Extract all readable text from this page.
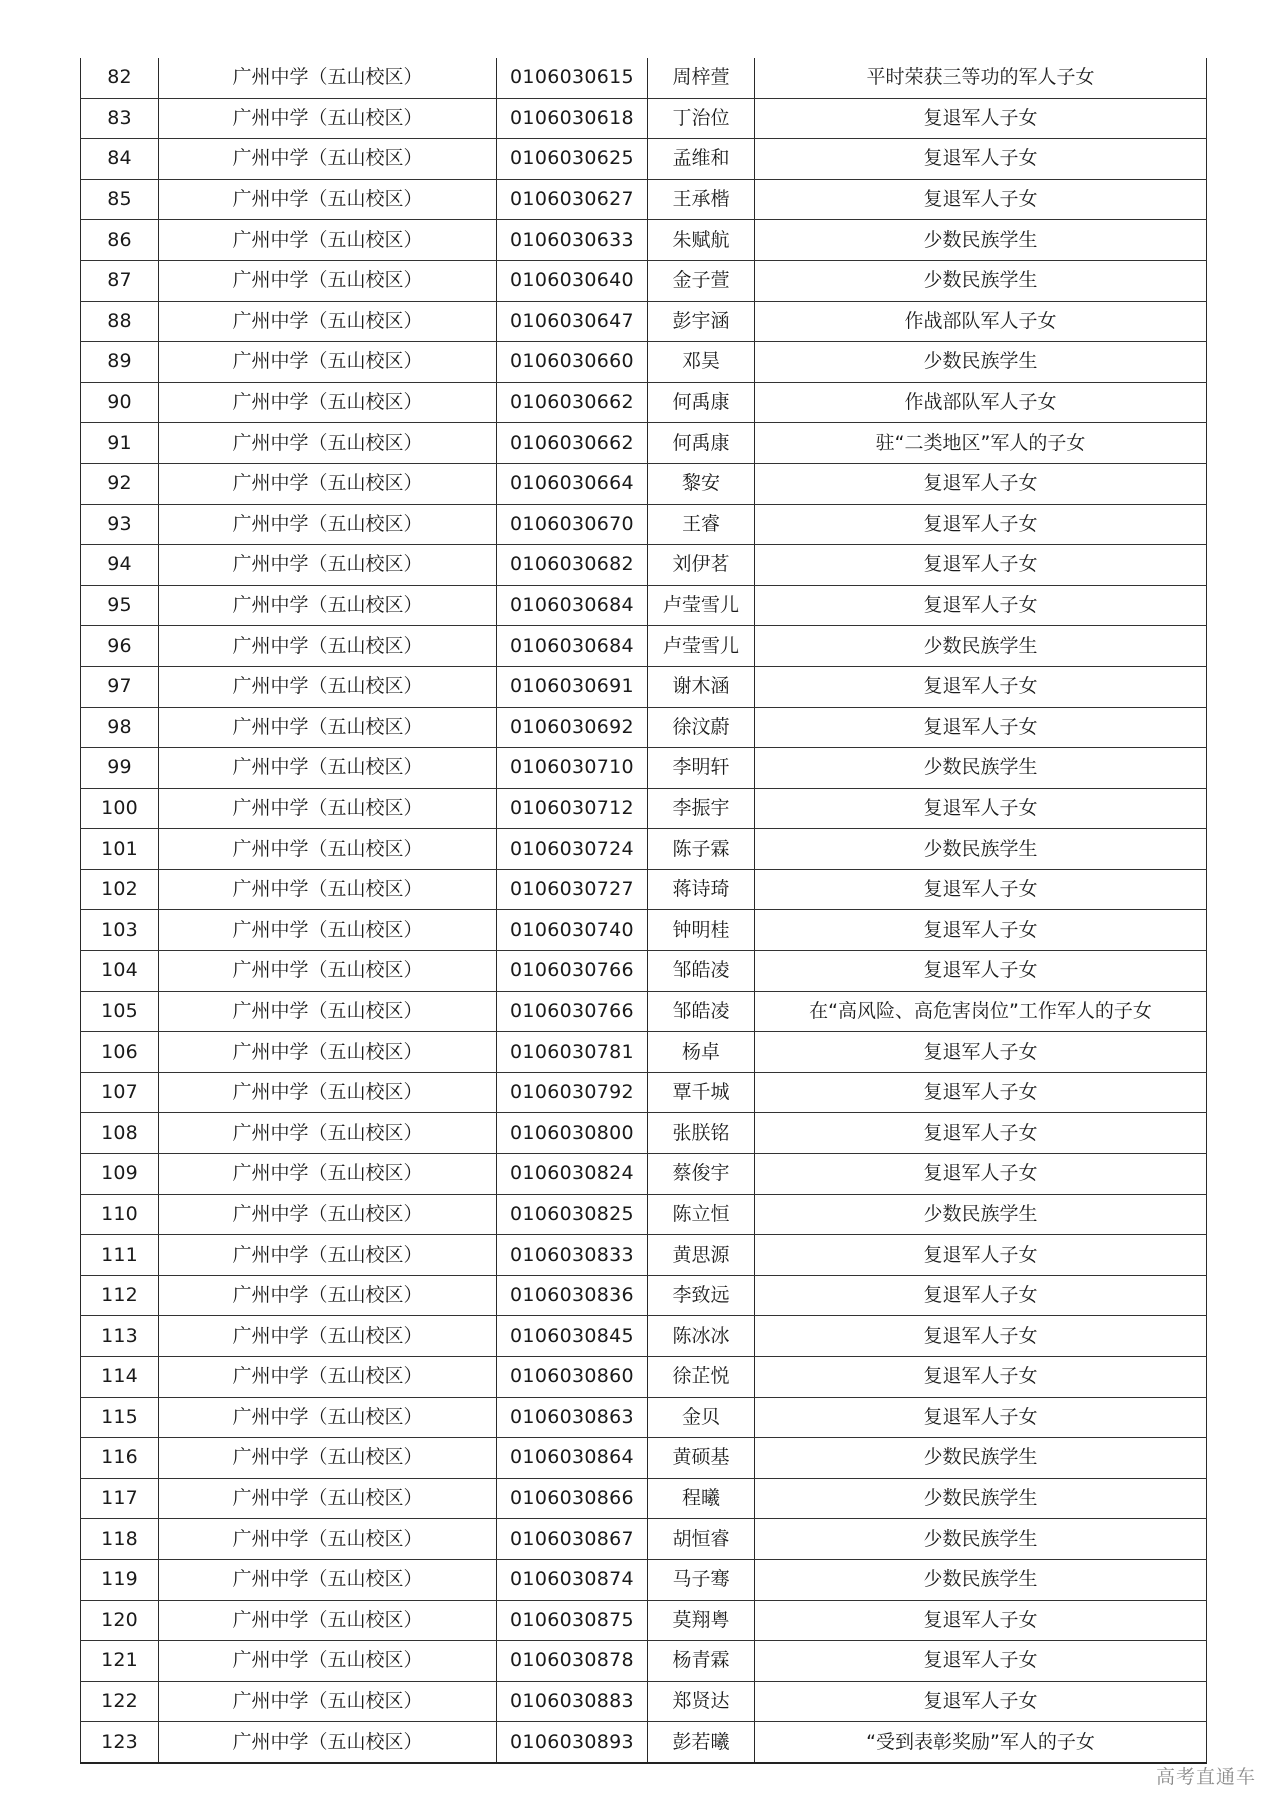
82	广州中学（五山校区）	0106030615	周梓萱	平时荣获三等功的军人子女
83	广州中学（五山校区）	0106030618	丁治位	复退军人子女
84	广州中学（五山校区）	0106030625	孟维和	复退军人子女
85	广州中学（五山校区）	0106030627	王承楷	复退军人子女
86	广州中学（五山校区）	0106030633	朱赋航	少数民族学生
87	广州中学（五山校区）	0106030640	金子萱	少数民族学生
88	广州中学（五山校区）	0106030647	彭宇涵	作战部队军人子女
89	广州中学（五山校区）	0106030660	邓昊	少数民族学生
90	广州中学（五山校区）	0106030662	何禹康	作战部队军人子女
91	广州中学（五山校区）	0106030662	何禹康	驻“二类地区”军人的子女
92	广州中学（五山校区）	0106030664	黎安	复退军人子女
93	广州中学（五山校区）	0106030670	王睿	复退军人子女
94	广州中学（五山校区）	0106030682	刘伊茗	复退军人子女
95	广州中学（五山校区）	0106030684	卢莹雪儿	复退军人子女
96	广州中学（五山校区）	0106030684	卢莹雪儿	少数民族学生
97	广州中学（五山校区）	0106030691	谢木涵	复退军人子女
98	广州中学（五山校区）	0106030692	徐汶蔚	复退军人子女
99	广州中学（五山校区）	0106030710	李明轩	少数民族学生
100	广州中学（五山校区）	0106030712	李振宇	复退军人子女
101	广州中学（五山校区）	0106030724	陈子霖	少数民族学生
102	广州中学（五山校区）	0106030727	蒋诗琦	复退军人子女
103	广州中学（五山校区）	0106030740	钟明桂	复退军人子女
104	广州中学（五山校区）	0106030766	邹皓凌	复退军人子女
105	广州中学（五山校区）	0106030766	邹皓凌	在“高风险、高危害岗位”工作军人的子女
106	广州中学（五山校区）	0106030781	杨卓	复退军人子女
107	广州中学（五山校区）	0106030792	覃千城	复退军人子女
108	广州中学（五山校区）	0106030800	张朕铭	复退军人子女
109	广州中学（五山校区）	0106030824	蔡俊宇	复退军人子女
110	广州中学（五山校区）	0106030825	陈立恒	少数民族学生
111	广州中学（五山校区）	0106030833	黄思源	复退军人子女
112	广州中学（五山校区）	0106030836	李致远	复退军人子女
113	广州中学（五山校区）	0106030845	陈冰冰	复退军人子女
114	广州中学（五山校区）	0106030860	徐芷悦	复退军人子女
115	广州中学（五山校区）	0106030863	金贝	复退军人子女
116	广州中学（五山校区）	0106030864	黄硕基	少数民族学生
117	广州中学（五山校区）	0106030866	程曦	少数民族学生
118	广州中学（五山校区）	0106030867	胡恒睿	少数民族学生
119	广州中学（五山校区）	0106030874	马子骞	少数民族学生
120	广州中学（五山校区）	0106030875	莫翔粤	复退军人子女
121	广州中学（五山校区）	0106030878	杨青霖	复退军人子女
122	广州中学（五山校区）	0106030883	郑贤达	复退军人子女
123	广州中学（五山校区）	0106030893	彭若曦	“受到表彰奖励”军人的子女
高考直通车
